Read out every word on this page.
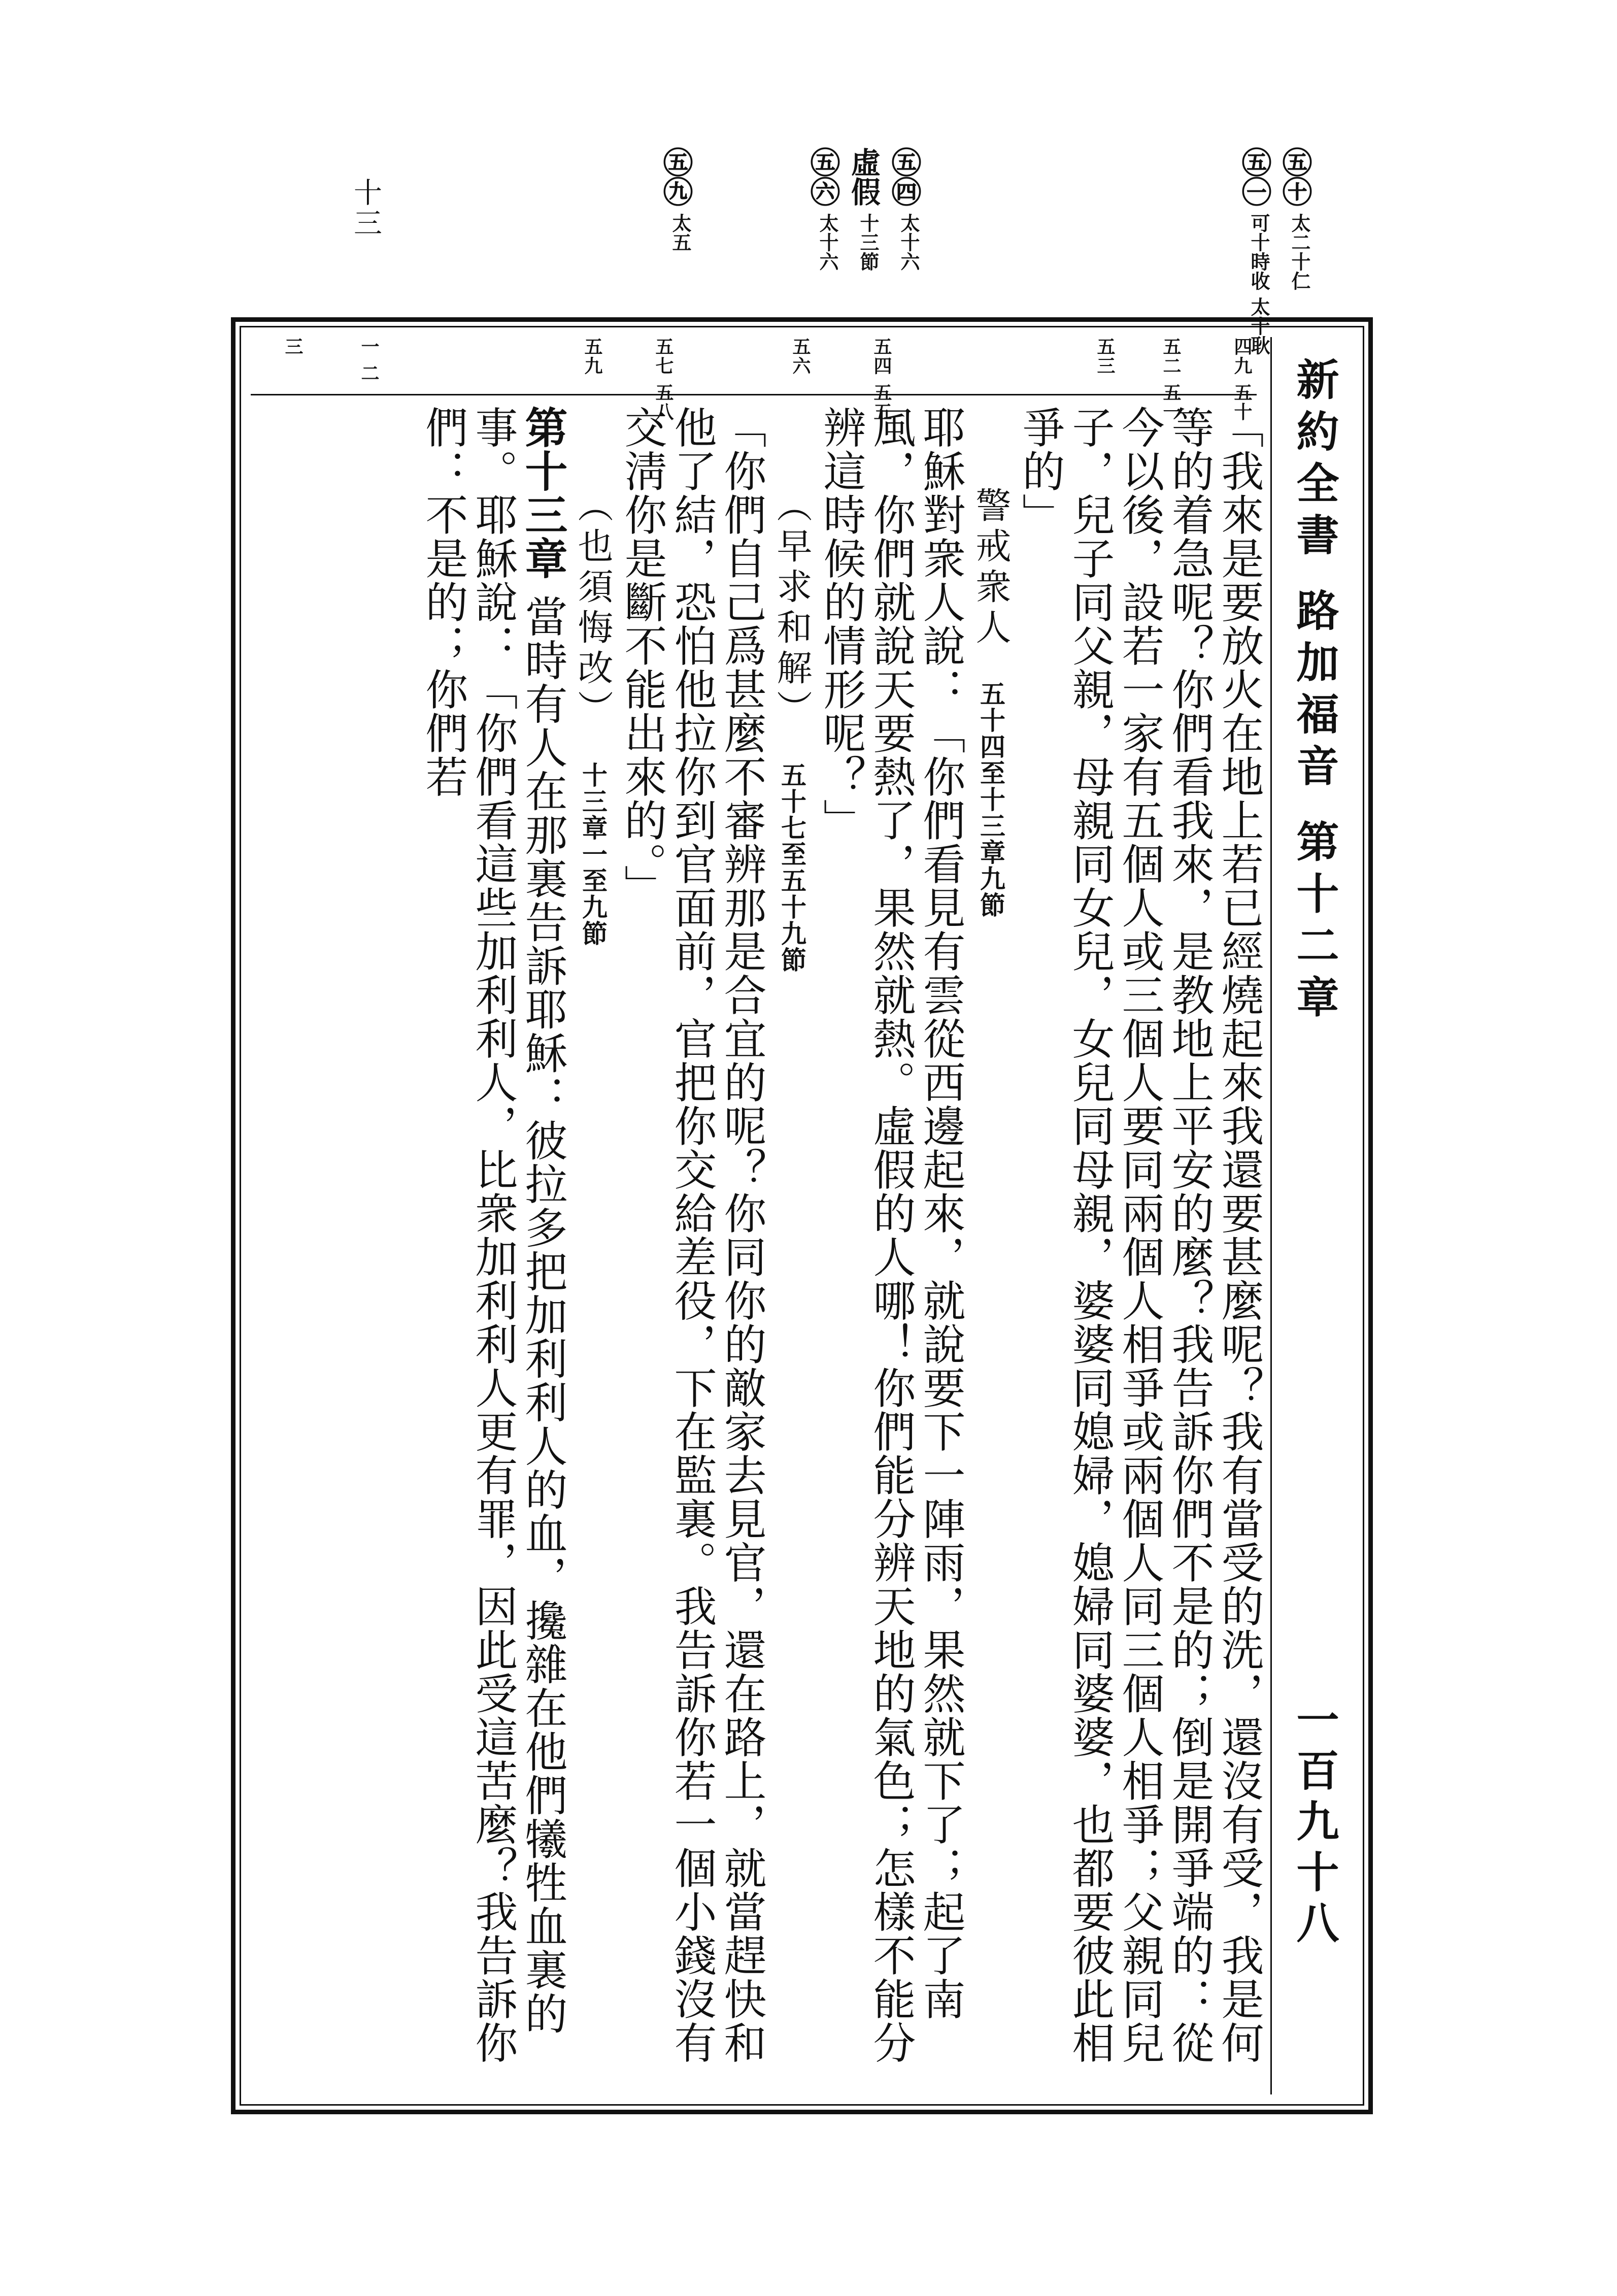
㊄㊉
太二十仁
㊄㊀
可十時收 太十耿
㊄㊃
太十六
虛假
十三節
㊄㊅
太十六
㊄㊈
太五
十三
新約全書 路加福音 第十二章
一百九十八
四九 五十
五二 五一
五三
五四 五五
五六
五七 五八
五九
一 二
三

「我來是要放火在地上若已經燒起來我還要甚麼呢？我有當受的洗，還沒有受，我是何等的着急呢？你們看我來，是教地上平安的麼？我告訴你們不是的；倒是開爭端的：從今以後，設若一家有五個人或三個人要同兩個人相爭或兩個人同三個人相爭；父親同兒子，兒子同父親，母親同女兒，女兒同母親，婆婆同媳婦，媳婦同婆婆，也都要彼此相爭的」

警戒衆人 五十四至十三章九節

耶穌對衆人說：「你們看見有雲從西邊起來，就說要下一陣雨，果然就下了；起了南風，你們就說天要熱了，果然就熱。虛假的人哪！你們能分辨天地的氣色；怎樣不能分辨這時候的情形呢？」

（早求和解） 五十七至五十九節

「你們自己爲甚麼不審辨那是合宜的呢？你同你的敵家去見官，還在路上，就當趕快和他了結，恐怕他拉你到官面前，官把你交給差役，下在監裏。我告訴你若一個小錢沒有交淸你是斷不能出來的。」

（也須悔改） 十三章一至九節

第十三章 當時有人在那裏告訴耶穌：彼拉多把加利利人的血，攙雜在他們犧牲血裏的事。耶穌說：「你們看這些加利利人，比衆加利利人更有罪，因此受這苦麼？我告訴你們：不是的；你們若
